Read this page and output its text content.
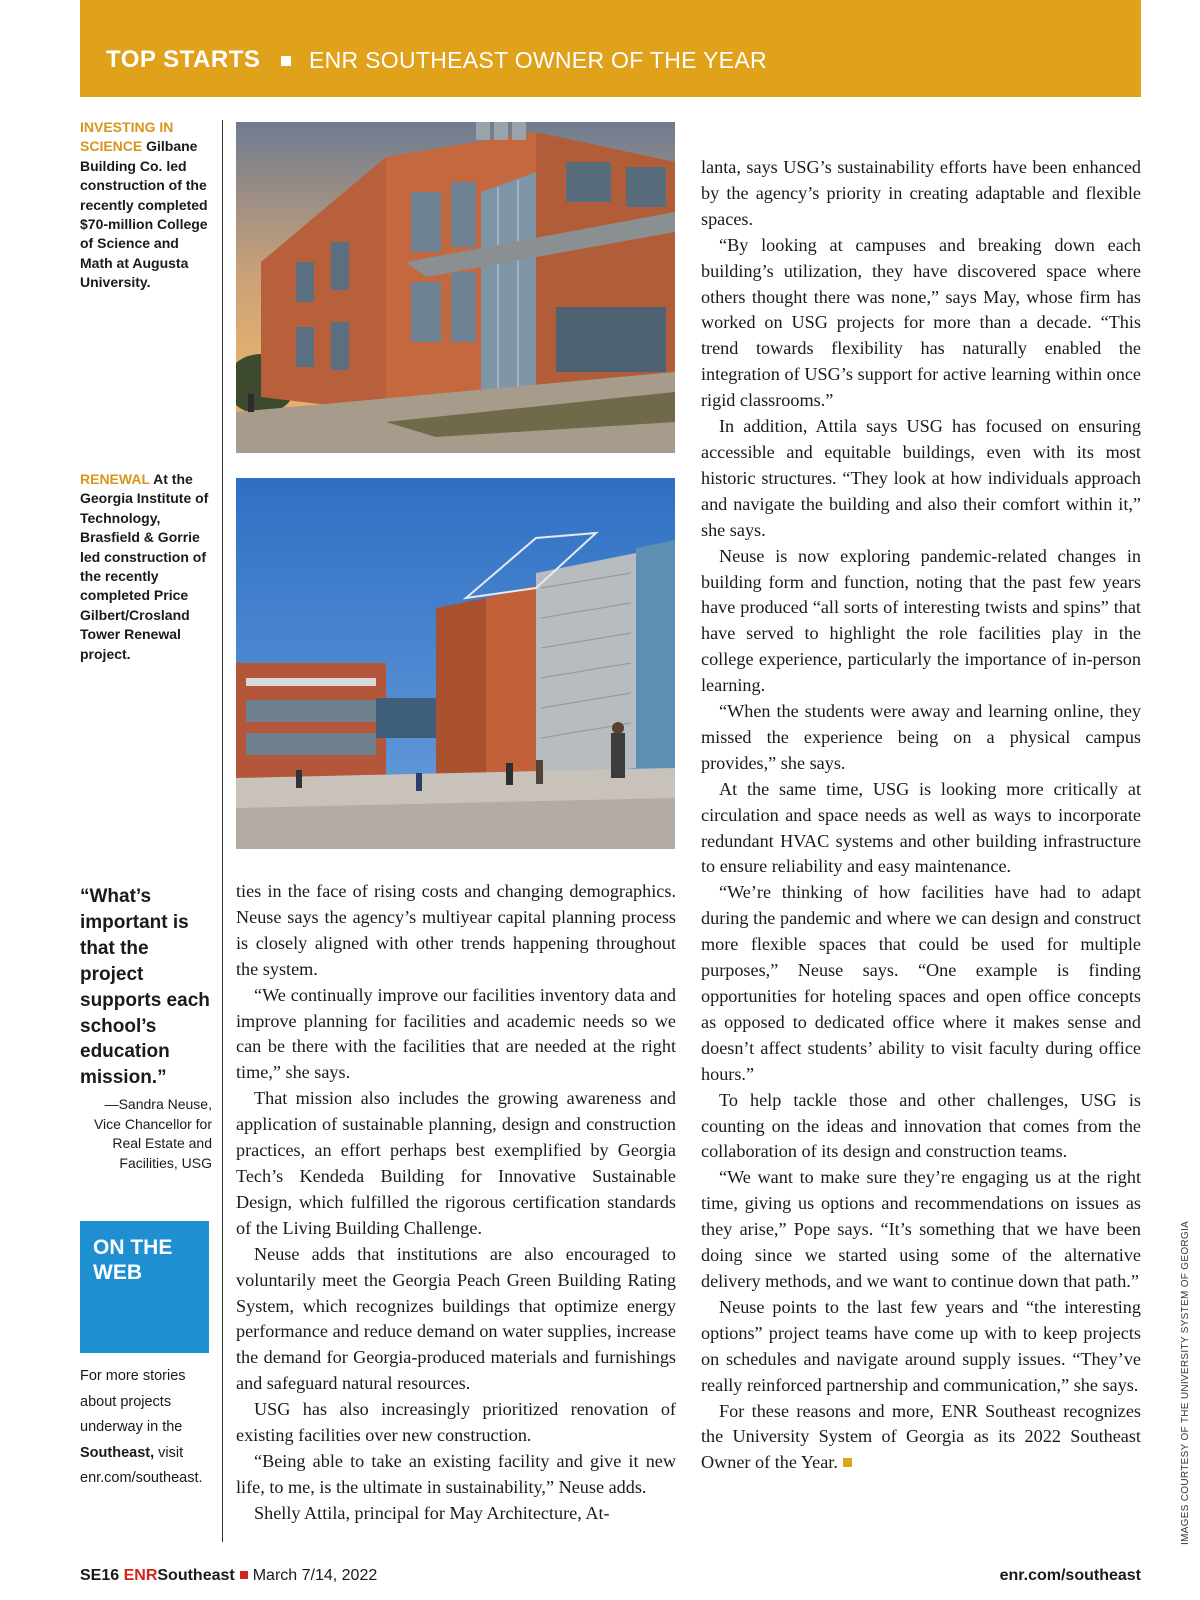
TOP STARTS ENR SOUTHEAST OWNER OF THE YEAR
INVESTING IN SCIENCE Gilbane Building Co. led construction of the recently completed $70-million College of Science and Math at Augusta University.
RENEWAL At the Georgia Institute of Technology, Brasfield & Gorrie led construction of the recently completed Price Gilbert/Crosland Tower Renewal project.
“What’s important is that the project supports each school’s education mission.”
—Sandra Neuse, Vice Chancellor for Real Estate and Facilities, USG
ON THE WEB
For more stories about projects underway in the Southeast, visit enr.com/southeast.

ties in the face of rising costs and changing demographics. Neuse says the agency’s multiyear capital planning process is closely aligned with other trends happening throughout the system.

“We continually improve our facilities inventory data and improve planning for facilities and academic needs so we can be there with the facilities that are needed at the right time,” she says.

That mission also includes the growing awareness and application of sustainable planning, design and construction practices, an effort perhaps best exemplified by Georgia Tech’s Kendeda Building for Innovative Sustainable Design, which fulfilled the rigorous certification standards of the Living Building Challenge.

Neuse adds that institutions are also encouraged to voluntarily meet the Georgia Peach Green Building Rating System, which recognizes buildings that optimize energy performance and reduce demand on water supplies, increase the demand for Georgia-produced materials and furnishings and safeguard natural resources.

USG has also increasingly prioritized renovation of existing facilities over new construction.

“Being able to take an existing facility and give it new life, to me, is the ultimate in sustainability,” Neuse adds.

Shelly Attila, principal for May Architecture, At-

lanta, says USG’s sustainability efforts have been enhanced by the agency’s priority in creating adaptable and flexible spaces.

“By looking at campuses and breaking down each building’s utilization, they have discovered space where others thought there was none,” says May, whose firm has worked on USG projects for more than a decade. “This trend towards flexibility has naturally enabled the integration of USG’s support for active learning within once rigid classrooms.”

In addition, Attila says USG has focused on ensuring accessible and equitable buildings, even with its most historic structures. “They look at how individuals approach and navigate the building and also their comfort within it,” she says.

Neuse is now exploring pandemic-related changes in building form and function, noting that the past few years have produced “all sorts of interesting twists and spins” that have served to highlight the role facilities play in the college experience, particularly the importance of in-person learning.

“When the students were away and learning online, they missed the experience being on a physical campus provides,” she says.

At the same time, USG is looking more critically at circulation and space needs as well as ways to incorporate redundant HVAC systems and other building infrastructure to ensure reliability and easy maintenance.

“We’re thinking of how facilities have had to adapt during the pandemic and where we can design and construct more flexible spaces that could be used for multiple purposes,” Neuse says. “One example is finding opportunities for hoteling spaces and open office concepts as opposed to dedicated office where it makes sense and doesn’t affect students’ ability to visit faculty during office hours.”

To help tackle those and other challenges, USG is counting on the ideas and innovation that comes from the collaboration of its design and construction teams.

“We want to make sure they’re engaging us at the right time, giving us options and recommendations on issues as they arise,” Pope says. “It’s something that we have been doing since we started using some of the alternative delivery methods, and we want to continue down that path.”

Neuse points to the last few years and “the interesting options” project teams have come up with to keep projects on schedules and navigate around supply issues. “They’ve really reinforced partnership and communication,” she says.

For these reasons and more, ENR Southeast recognizes the University System of Georgia as its 2022 Southeast Owner of the Year.	IMAGES COURTESY OF THE UNIVERSITY SYSTEM OF GEORGIA
SE16 ENRSoutheast March 7/14, 2022	enr.com/southeast
